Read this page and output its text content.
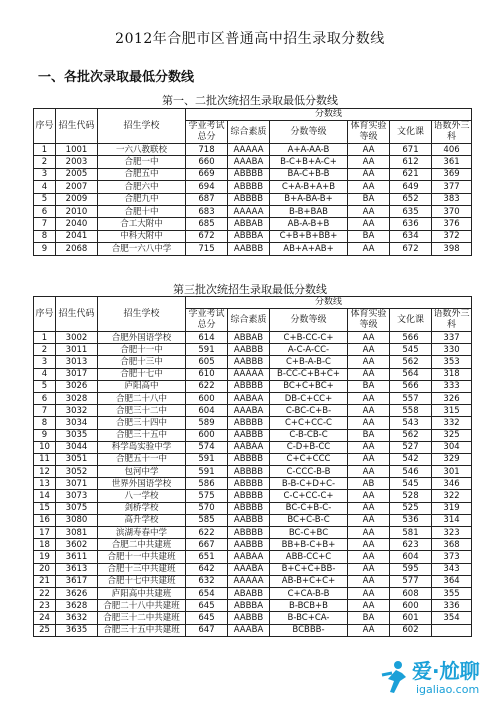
2012年合肥市区普通高中招生录取分数线
一、各批次录取最低分数线
第一、二批次统招生录取最低分数线
序号	招生代码	招生学校	分数线					
			学业考试总分	综合素质	分数等级	体育实验等级	文化课	语数外三科
1	1001	一六八教联校	718	AAAAA	A+A-AA-B	AA	671	406
2	2003	合肥一中	660	AAABA	B-C+B+A-C+	AA	612	361
3	2005	合肥五中	669	ABBBB	BA-C+B-B	AA	621	369
4	2007	合肥六中	694	ABBBB	C+A-B+A+B	AA	649	377
5	2009	合肥九中	687	ABBBB	B+A-BA-B+	BA	652	383
6	2010	合肥十中	683	AAAAA	B-B+BAB	AA	635	370
7	2040	合工大附中	685	ABBAB	AB-A-B+B	AA	636	376
8	2041	中科大附中	672	ABBBA	C+B+B+BB+	BA	634	372
9	2068	合肥一六八中学	715	AABBB	AB+A+AB+	AA	672	398
第三批次统招生录取最低分数线
序号	招生代码	招生学校	分数线					
			学业考试总分	综合素质	分数等级	体育实验等级	文化课	语数外三科
1	3002	合肥外国语学校	614	ABBAB	C+B-CC-C+	AA	566	337
2	3011	合肥十一中	591	AABBB	A-C-A-CC-	AA	545	330
3	3013	合肥十三中	605	AABBB	C+B-A-B-C	AA	562	353
4	3017	合肥十七中	610	AAAAA	B-CC-C+B+C+	AA	564	318
5	3026	庐阳高中	622	ABBBB	BC+C+BC+	BA	566	333
6	3028	合肥二十八中	600	AABAA	DB-C+CC+	AA	557	326
7	3032	合肥三十二中	604	AAABA	C-BC-C+B-	AA	558	315
8	3034	合肥三十四中	589	ABBBB	C+C+CC-C	AA	543	332
9	3035	合肥三十五中	600	AABBB	C-B-CB-C	BA	562	325
10	3044	科学岛实验中学	574	AABAA	C-D+B-CC	AA	527	304
11	3051	合肥五十一中	591	ABBBB	C+C+CCC	AA	542	329
12	3052	包河中学	591	ABBBB	C-CCC-B-B	AA	546	301
13	3071	世界外国语学校	586	ABBBB	B-B-C+D+C-	AB	545	346
14	3073	八一学校	575	ABBBB	C-C+CC-C+	AA	528	322
15	3075	剑桥学校	570	ABBBB	BC-C+B-C-	AA	525	319
16	3080	高升学校	585	AABBB	BC+C-B-C	AA	536	314
17	3081	滨湖寿春中学	622	ABBBB	BC-C+BC	AA	581	323
18	3602	合肥二中共建班	667	AABBB	BB+B-C+B+	AA	623	368
19	3611	合肥十一中共建班	651	AABAA	ABB-CC+C	AA	604	373
20	3613	合肥十三中共建班	642	AAABA	B+C+C+BB-	AA	595	343
21	3617	合肥十七中共建班	632	AAAAA	AB-B+C+C+	AA	577	364
22	3626	庐阳高中共建班	654	ABABB	C+CA-B-B	AA	608	355
23	3628	合肥二十八中共建班	645	ABBBA	B-BCB+B	AA	600	336
24	3632	合肥三十二中共建班	645	AABBB	B-BC+CA-	BA	601	354
25	3635	合肥三十五中共建班	647	AAABA	BCBBB-	AA	602	
爱·尬聊
igaliao.com
